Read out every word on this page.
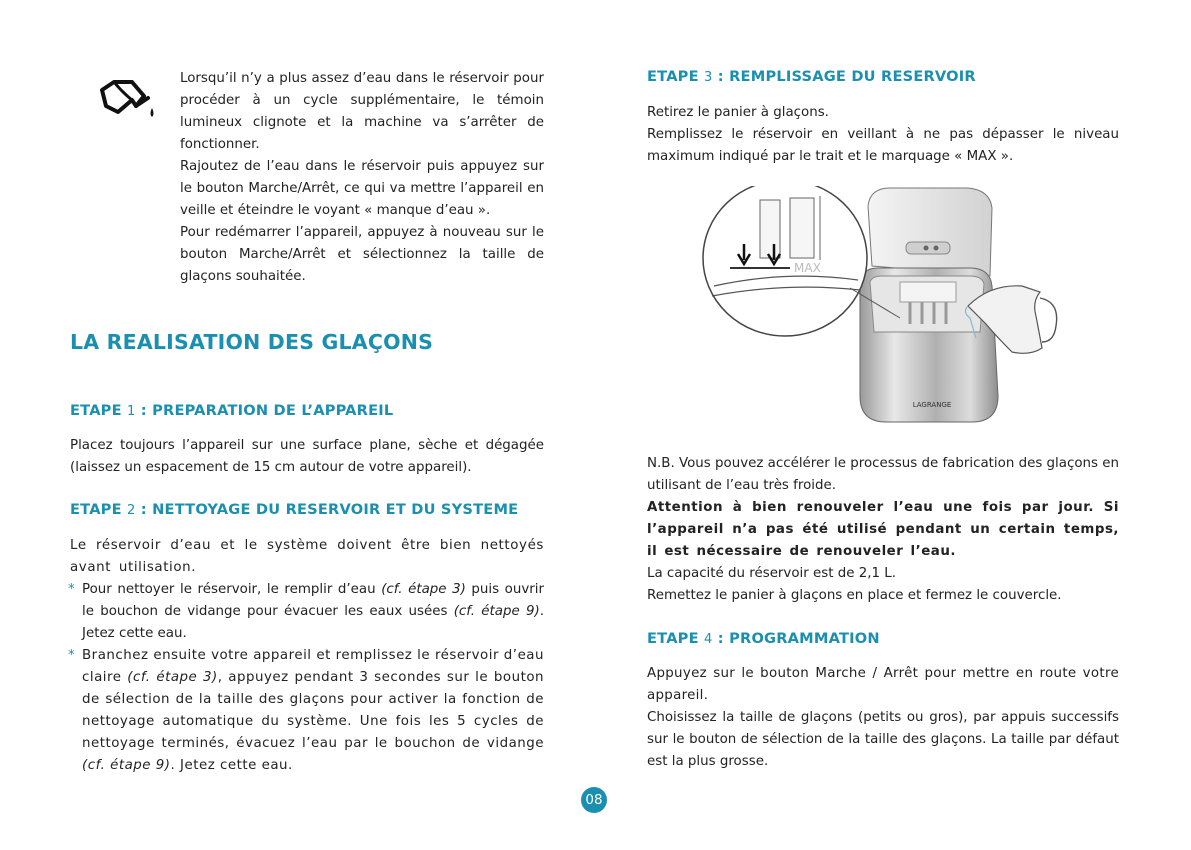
Lorsqu’il n’y a plus assez d’eau dans le réservoir pour procéder à un cycle supplémentaire, le témoin lumineux clignote et la machine va s’arrêter de fonctionner.

Rajoutez de l’eau dans le réservoir puis appuyez sur le bouton Marche/Arrêt, ce qui va mettre l’appareil en veille et éteindre le voyant « manque d’eau ».

Pour redémarrer l’appareil, appuyez à nouveau sur le bouton Marche/Arrêt et sélectionnez la taille de glaçons souhaitée.

LA REALISATION DES GLAÇONS
ETAPE 1 : PREPARATION DE L’APPAREIL
Placez toujours l’appareil sur une surface plane, sèche et dégagée (laissez un espacement de 15 cm autour de votre appareil).
ETAPE 2 : NETTOYAGE DU RESERVOIR ET DU SYSTEME
Le réservoir d’eau et le système doivent être bien nettoyés avant utilisation.
* Pour nettoyer le réservoir, le remplir d’eau (cf. étape 3) puis ouvrir le bouchon de vidange pour évacuer les eaux usées (cf. étape 9). Jetez cette eau.
* Branchez ensuite votre appareil et remplissez le réservoir d’eau claire (cf. étape 3), appuyez pendant 3 secondes sur le bouton de sélection de la taille des glaçons pour activer la fonction de nettoyage automatique du système. Une fois les 5 cycles de nettoyage terminés, évacuez l’eau par le bouchon de vidange (cf. étape 9). Jetez cette eau.
ETAPE 3 : REMPLISSAGE DU RESERVOIR
Retirez le panier à glaçons.
Remplissez le réservoir en veillant à ne pas dépasser le niveau maximum indiqué par le trait et le marquage « MAX ».
LAGRANGE
MAX
N.B. Vous pouvez accélérer le processus de fabrication des glaçons en utilisant de l’eau très froide.
Attention à bien renouveler l’eau une fois par jour. Si l’appareil n’a pas été utilisé pendant un certain temps, il est nécessaire de renouveler l’eau.
La capacité du réservoir est de 2,1 L.
Remettez le panier à glaçons en place et fermez le couvercle.
ETAPE 4 : PROGRAMMATION
Appuyez sur le bouton Marche / Arrêt pour mettre en route votre appareil.
Choisissez la taille de glaçons (petits ou gros), par appuis successifs sur le bouton de sélection de la taille des glaçons. La taille par défaut est la plus grosse.
08
